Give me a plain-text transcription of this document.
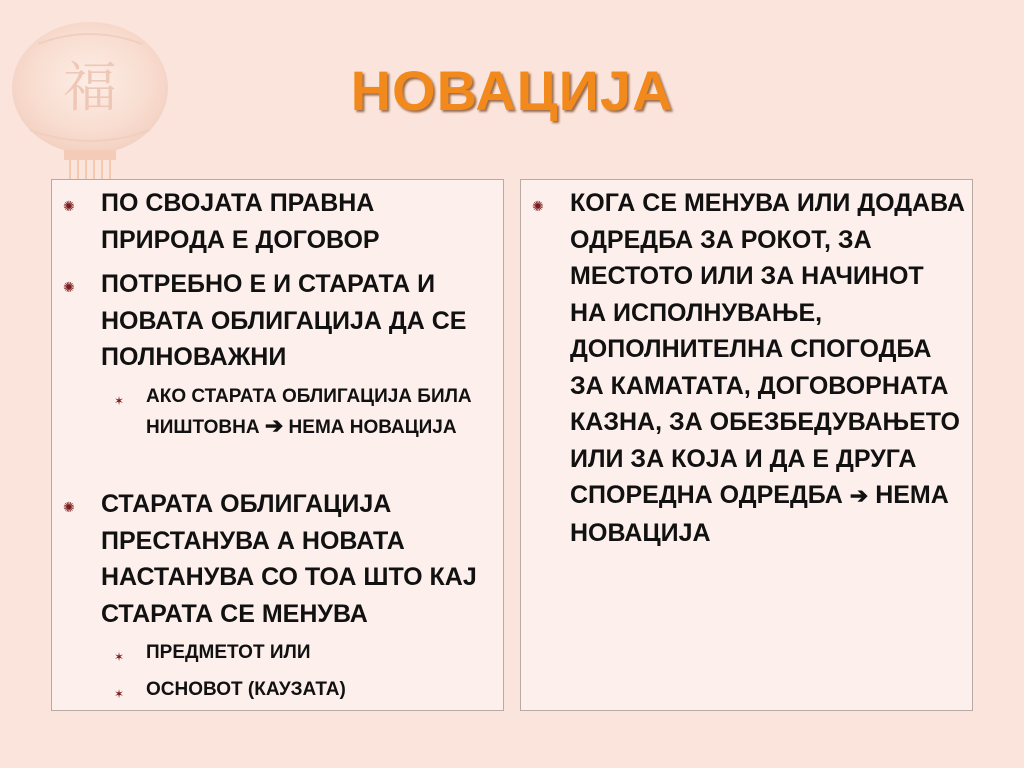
福	НОВАЦИЈА
✺ ПО СВОЈАТА ПРАВНА ПРИРОДА Е ДОГОВОР
✺ ПОТРЕБНО Е И СТАРАТА И НОВАТА ОБЛИГАЦИЈА ДА СЕ ПОЛНОВАЖНИ
✶ АКО СТАРАТА ОБЛИГАЦИЈА БИЛА НИШТОВНА ➔ НЕМА НОВАЦИЈА
✺ СТАРАТА ОБЛИГАЦИЈА ПРЕСТАНУВА А НОВАТА НАСТАНУВА СО ТОА ШТО КАЈ СТАРАТА СЕ МЕНУВА
✶ ПРЕДМЕТОТ ИЛИ
✶ ОСНОВОТ (КАУЗАТА)
✺ КОГА СЕ МЕНУВА ИЛИ ДОДАВА ОДРЕДБА ЗА РОКОТ, ЗА МЕСТОТО ИЛИ ЗА НАЧИНОТ НА ИСПОЛНУВАЊЕ, ДОПОЛНИТЕЛНА СПОГОДБА ЗА КАМАТАТА, ДОГОВОРНАТА КАЗНА, ЗА ОБЕЗБЕДУВАЊЕТО ИЛИ ЗА КОЈА И ДА Е ДРУГА СПОРЕДНА ОДРЕДБА ➔ НЕМА НОВАЦИЈА
